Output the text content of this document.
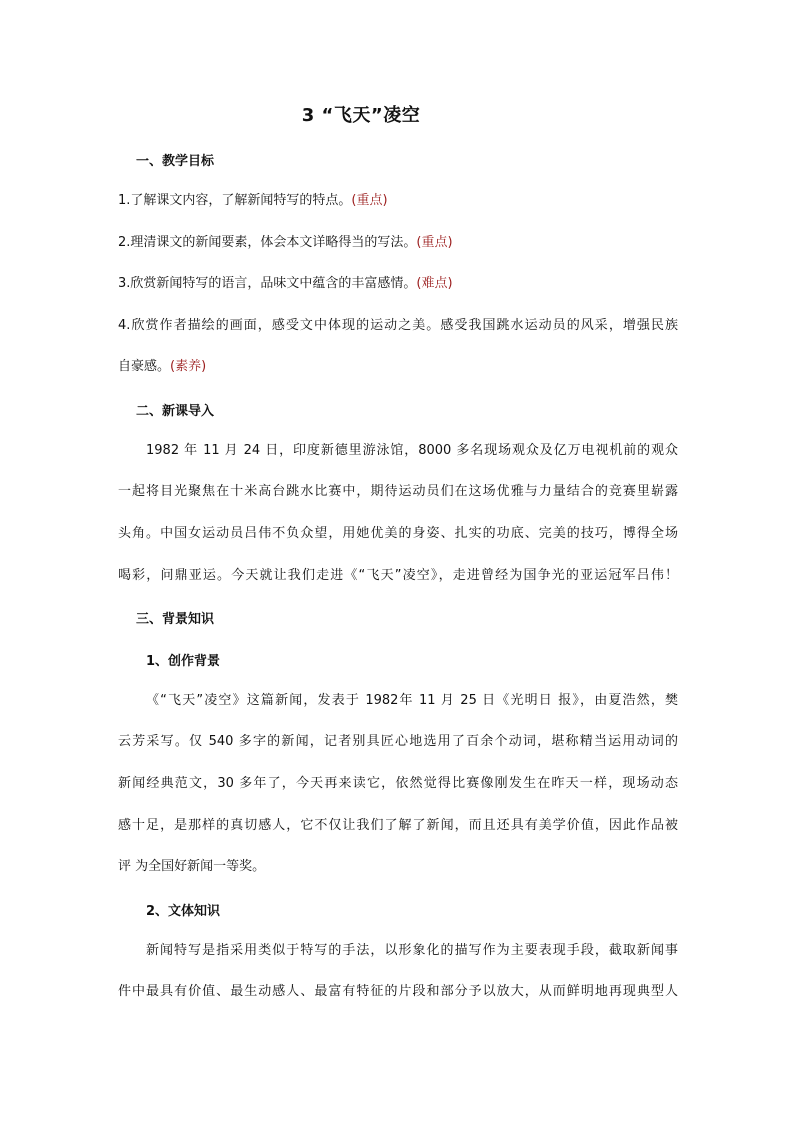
3 “飞天”凌空
一、教学目标
1.了解课文内容，了解新闻特写的特点。(重点)
2.理清课文的新闻要素，体会本文详略得当的写法。(重点)
3.欣赏新闻特写的语言，品味文中蕴含的丰富感情。(难点)
4.欣赏作者描绘的画面，感受文中体现的运动之美。感受我国跳水运动员的风采，增强民族
自豪感。(素养)
二、新课导入
1982 年 11 月 24 日，印度新德里游泳馆，8000 多名现场观众及亿万电视机前的观众
一起将目光聚焦在十米高台跳水比赛中，期待运动员们在这场优雅与力量结合的竞赛里崭露
头角。中国女运动员吕伟不负众望，用她优美的身姿、扎实的功底、完美的技巧，博得全场
喝彩，问鼎亚运。今天就让我们走进《“飞天”凌空》，走进曾经为国争光的亚运冠军吕伟！
三、背景知识
1、创作背景
《“飞天”凌空》这篇新闻，发表于 1982年 11 月 25 日《光明日 报》，由夏浩然，樊
云芳采写。仅 540 多字的新闻，记者别具匠心地选用了百余个动词，堪称精当运用动词的
新闻经典范文，30 多年了，今天再来读它，依然觉得比赛像刚发生在昨天一样，现场动态
感十足，是那样的真切感人，它不仅让我们了解了新闻，而且还具有美学价值，因此作品被
评 为全国好新闻一等奖。
2、文体知识
新闻特写是指采用类似于特写的手法，以形象化的描写作为主要表现手段，截取新闻事
件中最具有价值、最生动感人、最富有特征的片段和部分予以放大，从而鲜明地再现典型人
